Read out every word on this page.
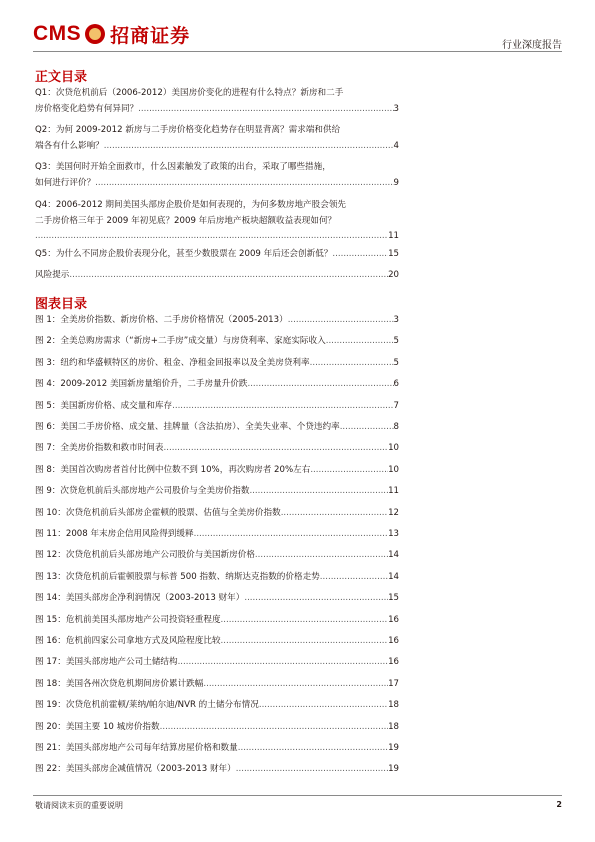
CMS 招商证券	行业深度报告
正文目录
Q1：次贷危机前后（2006-2012）美国房价变化的进程有什么特点？新房和二手
房价格变化趋势有何异同？ .....	3
Q2：为何 2009-2012 新房与二手房价格变化趋势存在明显背离？需求端和供给
端各有什么影响？ .....	4
Q3：美国何时开始全面救市，什么因素触发了政策的出台，采取了哪些措施，
如何进行评价？ .....	9
Q4：2006-2012 期间美国头部房企股价是如何表现的，为何多数房地产股会领先
二手房价格三年于 2009 年初见底？2009 年后房地产板块超额收益表现如何？
.....
11
Q5：为什么不同房企股价表现分化，甚至少数股票在 2009 年后还会创新低？ .....	15
风险提示 .....	20
图表目录
图 1：全美房价指数、新房价格、二手房价格情况（2005-2013） .....	3
图 2：全美总购房需求（“新房+二手房”成交量）与房贷利率、家庭实际收入 .....	5
图 3：纽约和华盛顿特区的房价、租金、净租金回报率以及全美房贷利率 .....	5
图 4：2009-2012 美国新房量缩价升，二手房量升价跌 .....	6
图 5：美国新房价格、成交量和库存 .....	7
图 6：美国二手房价格、成交量、挂牌量（含法拍房）、全美失业率、个贷违约率 .....	8
图 7：全美房价指数和救市时间表 .....	10
图 8：美国首次购房者首付比例中位数不到 10%，再次购房者 20%左右 .....	10
图 9：次贷危机前后头部房地产公司股价与全美房价指数 .....	11
图 10：次贷危机前后头部房企霍顿的股票、估值与全美房价指数 .....	12
图 11：2008 年末房企信用风险得到缓释 .....	13
图 12：次贷危机前后头部房地产公司股价与美国新房价格 .....	14
图 13：次贷危机前后霍顿股票与标普 500 指数、纳斯达克指数的价格走势 .....	14
图 14：美国头部房企净利润情况（2003-2013 财年） .....	15
图 15：危机前美国头部房地产公司投资轻重程度 .....	16
图 16：危机前四家公司拿地方式及风险程度比较 .....	16
图 17：美国头部房地产公司土储结构 .....	16
图 18：美国各州次贷危机期间房价累计跌幅 .....	17
图 19：次贷危机前霍顿/莱纳/帕尔迪/NVR 的土储分布情况 .....	18
图 20：美国主要 10 城房价指数 .....	18
图 21：美国头部房地产公司每年结算房屋价格和数量 .....	19
图 22：美国头部房企减值情况（2003-2013 财年） .....	19
敬请阅读末页的重要说明	2
